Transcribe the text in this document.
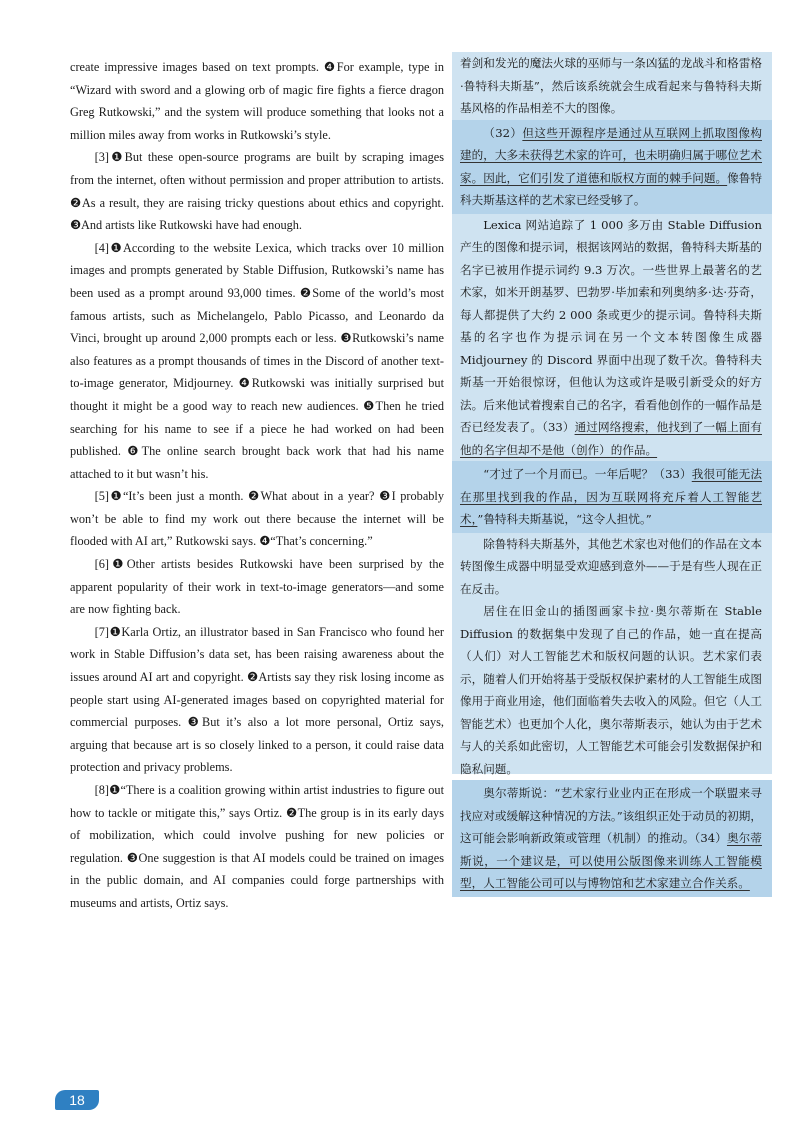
create impressive images based on text prompts. ❹For example, type in “Wizard with sword and a glowing orb of magic fire fights a fierce dragon Greg Rutkowski,” and the system will produce something that looks not a million miles away from works in Rutkowski’s style.

[3]❶But these open-source programs are built by scraping images from the internet, often without permission and proper attribution to artists. ❷As a result, they are raising tricky questions about ethics and copyright. ❸And artists like Rutkowski have had enough.

[4]❶According to the website Lexica, which tracks over 10 million images and prompts generated by Stable Diffusion, Rutkowski’s name has been used as a prompt around 93,000 times. ❷Some of the world’s most famous artists, such as Michelangelo, Pablo Picasso, and Leonardo da Vinci, brought up around 2,000 prompts each or less. ❸Rutkowski’s name also features as a prompt thousands of times in the Discord of another text-to-image generator, Midjourney. ❹Rutkowski was initially surprised but thought it might be a good way to reach new audiences. ❺Then he tried searching for his name to see if a piece he had worked on had been published. ❻The online search brought back work that had his name attached to it but wasn’t his.

[5]❶“It’s been just a month. ❷What about in a year? ❸I probably won’t be able to find my work out there because the internet will be flooded with AI art,” Rutkowski says. ❹“That’s concerning.”

[6]❶Other artists besides Rutkowski have been surprised by the apparent popularity of their work in text-to-image generators—and some are now fighting back.

[7]❶Karla Ortiz, an illustrator based in San Francisco who found her work in Stable Diffusion’s data set, has been raising awareness about the issues around AI art and copyright. ❷Artists say they risk losing income as people start using AI-generated images based on copyrighted material for commercial purposes. ❸But it’s also a lot more personal, Ortiz says, arguing that because art is so closely linked to a person, it could raise data protection and privacy problems.

[8]❶“There is a coalition growing within artist industries to figure out how to tackle or mitigate this,” says Ortiz. ❷The group is in its early days of mobilization, which could involve pushing for new policies or regulation. ❸One suggestion is that AI models could be trained on images in the public domain, and AI companies could forge partnerships with museums and artists, Ortiz says.

着剑和发光的魔法火球的巫师与一条凶猛的龙战斗和格雷格·鲁特科夫斯基”，然后该系统就会生成看起来与鲁特科夫斯基风格的作品相差不大的图像。

（32）但这些开源程序是通过从互联网上抓取图像构建的，大多未获得艺术家的许可，也未明确归属于哪位艺术家。因此，它们引发了道德和版权方面的棘手问题。像鲁特科夫斯基这样的艺术家已经受够了。

Lexica 网站追踪了 1 000 多万由 Stable Diffusion 产生的图像和提示词，根据该网站的数据，鲁特科夫斯基的名字已被用作提示词约 9.3 万次。一些世界上最著名的艺术家，如米开朗基罗、巴勃罗·毕加索和列奥纳多·达·芬奇，每人都提供了大约 2 000 条或更少的提示词。鲁特科夫斯基的名字也作为提示词在另一个文本转图像生成器 Midjourney 的 Discord 界面中出现了数千次。鲁特科夫斯基一开始很惊讶，但他认为这或许是吸引新受众的好方法。后来他试着搜索自己的名字，看看他创作的一幅作品是否已经发表了。（33）通过网络搜索，他找到了一幅上面有他的名字但却不是他（创作）的作品。

“才过了一个月而已。一年后呢？（33）我很可能无法在那里找到我的作品，因为互联网将充斥着人工智能艺术，”鲁特科夫斯基说，“这令人担忧。”

除鲁特科夫斯基外，其他艺术家也对他们的作品在文本转图像生成器中明显受欢迎感到意外——于是有些人现在正在反击。

居住在旧金山的插图画家卡拉·奥尔蒂斯在 Stable Diffusion 的数据集中发现了自己的作品，她一直在提高（人们）对人工智能艺术和版权问题的认识。艺术家们表示，随着人们开始将基于受版权保护素材的人工智能生成图像用于商业用途，他们面临着失去收入的风险。但它（人工智能艺术）也更加个人化，奥尔蒂斯表示，她认为由于艺术与人的关系如此密切，人工智能艺术可能会引发数据保护和隐私问题。

奥尔蒂斯说：“艺术家行业业内正在形成一个联盟来寻找应对或缓解这种情况的方法。”该组织正处于动员的初期，这可能会影响新政策或管理（机制）的推动。（34）奥尔蒂斯说，一个建议是，可以使用公版图像来训练人工智能模型，人工智能公司可以与博物馆和艺术家建立合作关系。

18
